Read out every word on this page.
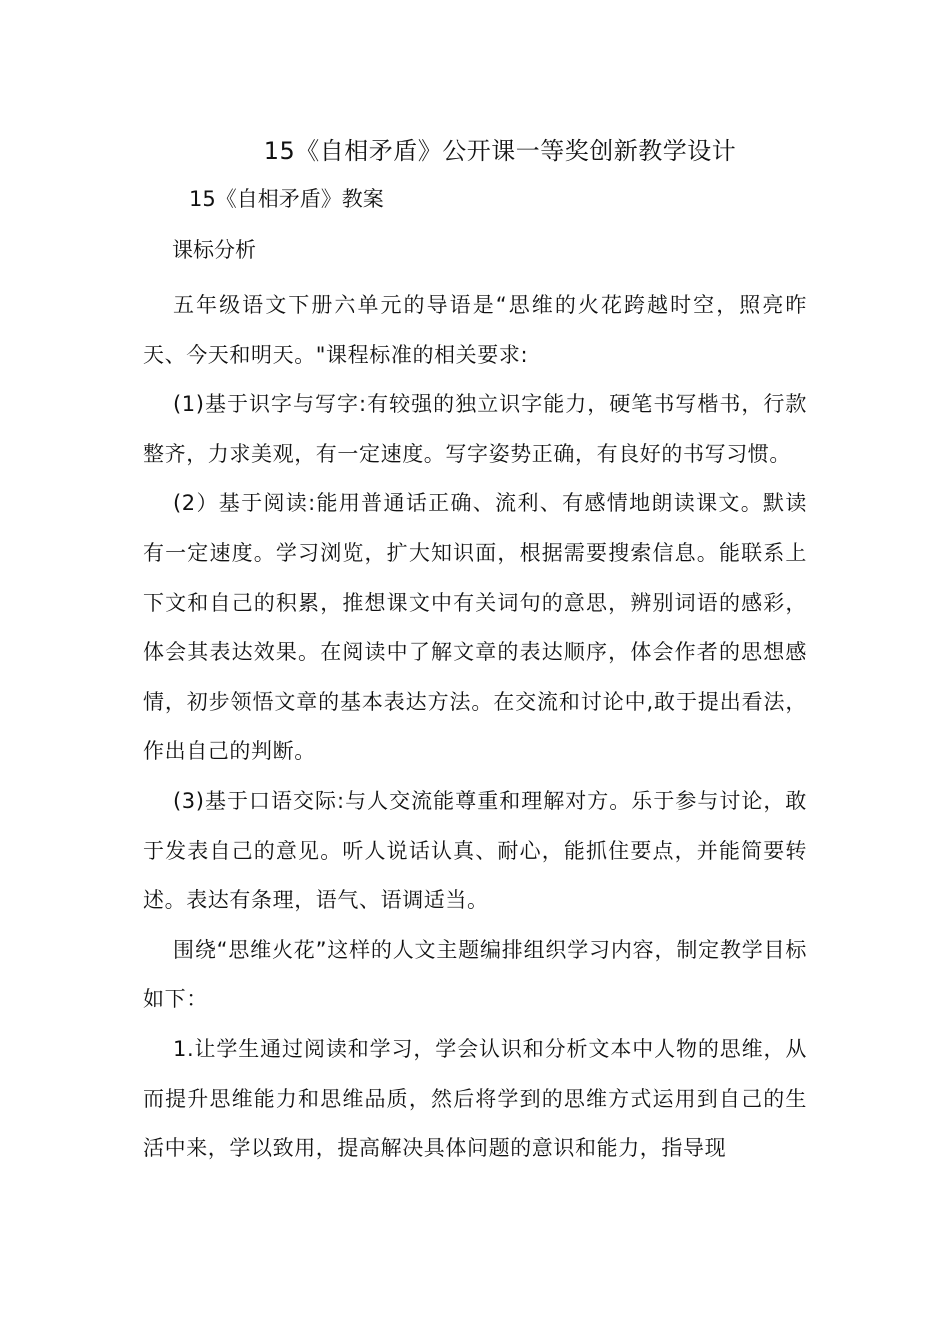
15《自相矛盾》公开课一等奖创新教学设计
15《自相矛盾》教案
课标分析

五年级语文下册六单元的导语是“思维的火花跨越时空，照亮昨天、今天和明天。"课程标准的相关要求:

(1)基于识字与写字:有较强的独立识字能力，硬笔书写楷书，行款整齐，力求美观，有一定速度。写字姿势正确，有良好的书写习惯。

(2）基于阅读:能用普通话正确、流利、有感情地朗读课文。默读有一定速度。学习浏览，扩大知识面，根据需要搜索信息。能联系上下文和自己的积累，推想课文中有关词句的意思，辨别词语的感彩，体会其表达效果。在阅读中了解文章的表达顺序，体会作者的思想感情，初步领悟文章的基本表达方法。在交流和讨论中,敢于提出看法，作出自己的判断。

(3)基于口语交际:与人交流能尊重和理解对方。乐于参与讨论，敢于发表自己的意见。听人说话认真、耐心，能抓住要点，并能简要转述。表达有条理，语气、语调适当。

围绕“思维火花”这样的人文主题编排组织学习内容，制定教学目标如下：

1.让学生通过阅读和学习，学会认识和分析文本中人物的思维，从而提升思维能力和思维品质，然后将学到的思维方式运用到自己的生活中来，学以致用，提高解决具体问题的意识和能力，指导现
